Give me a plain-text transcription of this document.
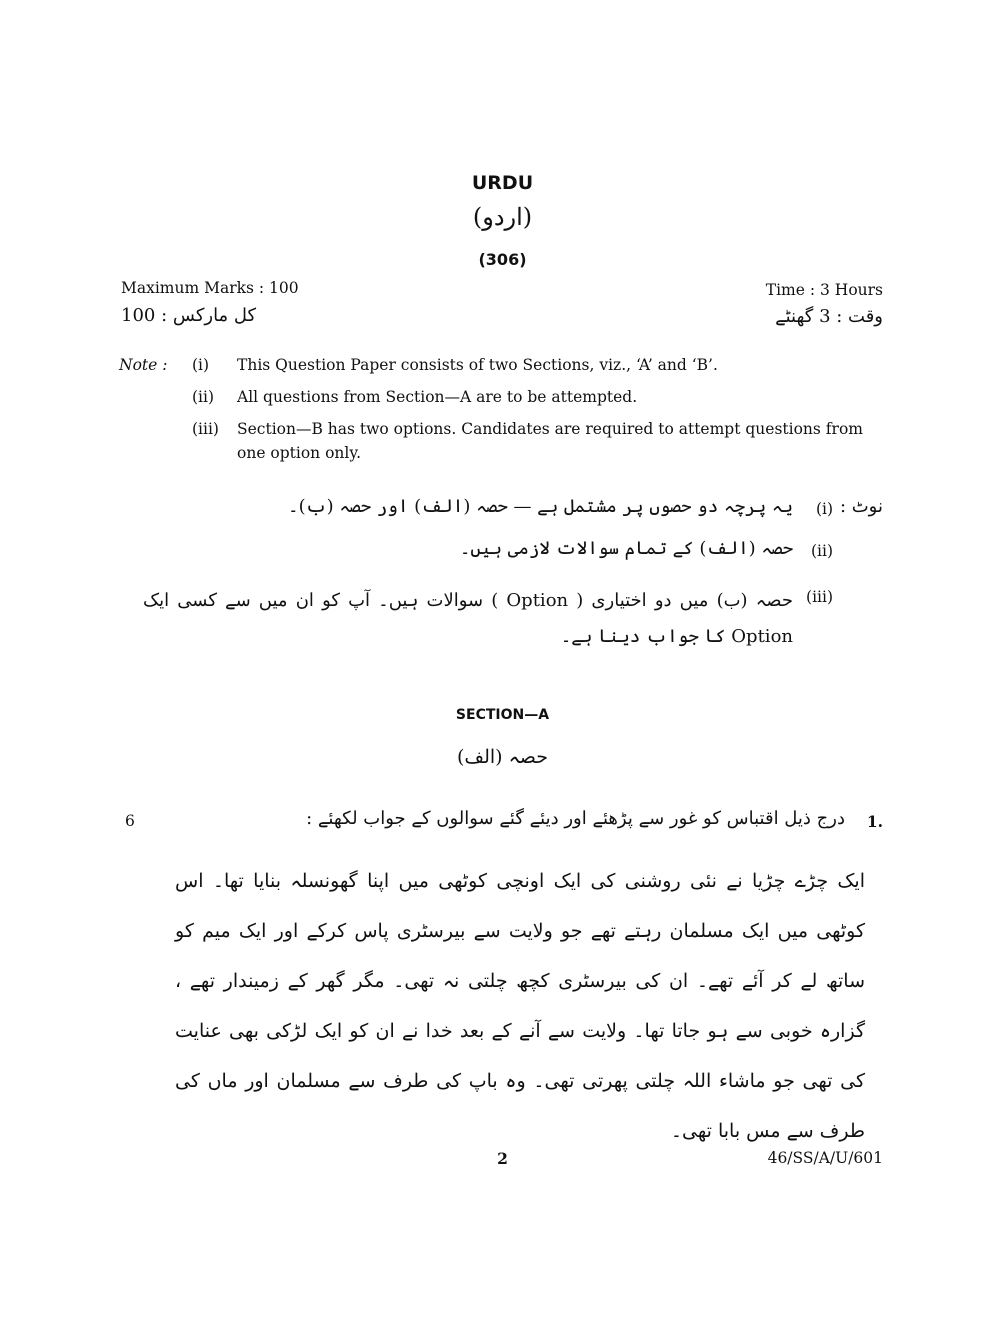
URDU
(اردو)
(306)
Maximum Marks : 100
کل مارکس : 100
Time : 3 Hours
وقت : 3 گھنٹے
Note : (i) This Question Paper consists of two Sections, viz., ‘A’ and ‘B’.
(ii) All questions from Section—A are to be attempted.
(iii) Section—B has two options. Candidates are required to attempt questions from one option only.
نوٹ :
(i)
یہ پرچہ دو حصوں پر مشتمل ہے — حصہ (الف) اور حصہ (ب)۔
(ii)
حصہ (الف) کے تمام سوالات لازمی ہیں۔
(iii)
حصہ (ب) میں دو اختیاری ( Option ) سوالات ہیں۔ آپ کو ان میں سے کسی ایک Option کا جواب دینا ہے۔
SECTION—A
حصہ (الف)
6	1.
درج ذیل اقتباس کو غور سے پڑھئے اور دیئے گئے سوالوں کے جواب لکھئے :
ایک چڑے چڑیا نے نئی روشنی کی ایک اونچی کوٹھی میں اپنا گھونسلہ بنایا تھا۔ اس کوٹھی میں ایک مسلمان رہتے تھے جو ولایت سے بیرسٹری پاس کرکے اور ایک میم کو ساتھ لے کر آئے تھے۔ ان کی بیرسٹری کچھ چلتی نہ تھی۔ مگر گھر کے زمیندار تھے ، گزارہ خوبی سے ہو جاتا تھا۔ ولایت سے آنے کے بعد خدا نے ان کو ایک لڑکی بھی عنایت کی تھی جو ماشاء اللہ چلتی پھرتی تھی۔ وہ باپ کی طرف سے مسلمان اور ماں کی طرف سے مس بابا تھی۔
2	46/SS/A/U/601
